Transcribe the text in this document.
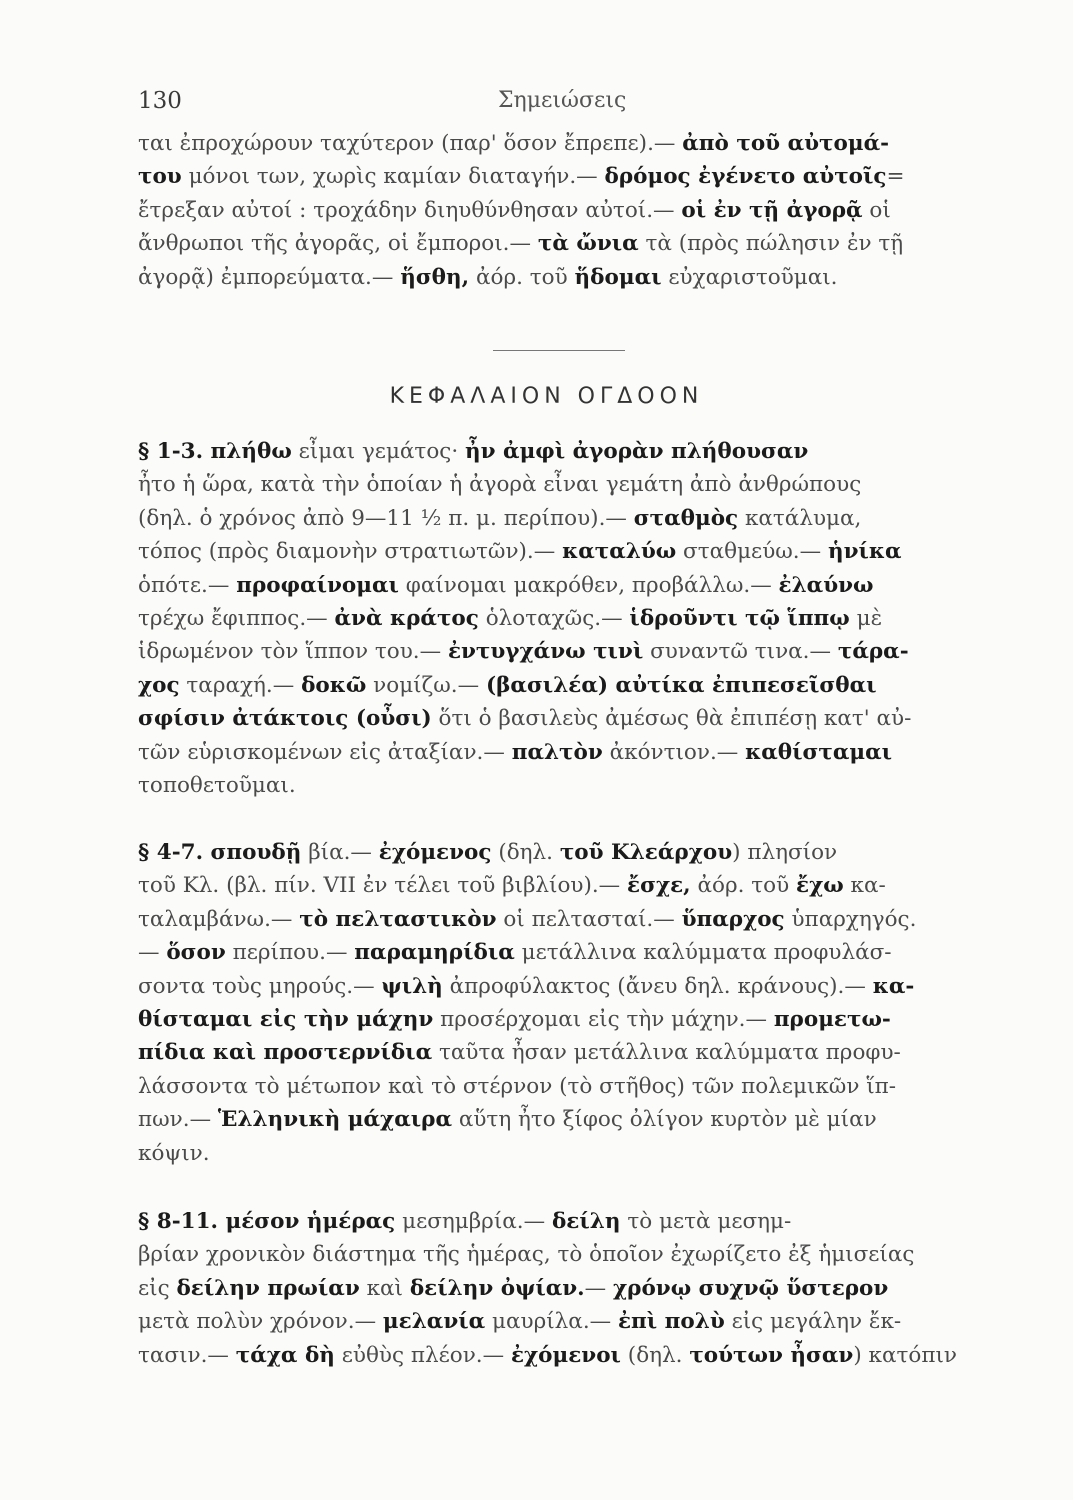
130	Σημειώσεις
ται ἐπροχώρουν ταχύτερον (παρ' ὅσον ἔπρεπε).— ἀπὸ τοῦ αὐτομά-
του μόνοι των, χωρὶς καμίαν διαταγήν.— δρόμος ἐγένετο αὐτοῖς=
ἔτρεξαν αὐτοί : τροχάδην διηυθύνθησαν αὐτοί.— οἱ ἐν τῇ ἀγορᾷ οἱ
ἄνθρωποι τῆς ἀγορᾶς, οἱ ἔμποροι.— τὰ ὤνια τὰ (πρὸς πώλησιν ἐν τῇ
ἀγορᾷ) ἐμπορεύματα.— ἥσθη, ἀόρ. τοῦ ἥδομαι εὐχαριστοῦμαι.
ΚΕΦΑΛΑΙΟΝ ΟΓΔΟΟΝ
§ 1-3. πλήθω εἶμαι γεμάτος· ἦν ἀμφὶ ἀγορὰν πλήθουσαν
ἦτο ἡ ὥρα, κατὰ τὴν ὁποίαν ἡ ἀγορὰ εἶναι γεμάτη ἀπὸ ἀνθρώπους
(δηλ. ὁ χρόνος ἀπὸ 9—11 ½ π. μ. περίπου).— σταθμὸς κατάλυμα,
τόπος (πρὸς διαμονὴν στρατιωτῶν).— καταλύω σταθμεύω.— ἡνίκα
ὁπότε.— προφαίνομαι φαίνομαι μακρόθεν, προβάλλω.— ἐλαύνω
τρέχω ἔφιππος.— ἀνὰ κράτος ὁλοταχῶς.— ἱδροῦντι τῷ ἵππῳ μὲ
ἱδρωμένον τὸν ἵππον του.— ἐντυγχάνω τινὶ συναντῶ τινα.— τάρα-
χος ταραχή.— δοκῶ νομίζω.— (βασιλέα) αὐτίκα ἐπιπεσεῖσθαι
σφίσιν ἀτάκτοις (οὖσι) ὅτι ὁ βασιλεὺς ἀμέσως θὰ ἐπιπέσῃ κατ' αὐ-
τῶν εὑρισκομένων εἰς ἀταξίαν.— παλτὸν ἀκόντιον.— καθίσταμαι
τοποθετοῦμαι.
§ 4-7. σπουδῇ βία.— ἐχόμενος (δηλ. τοῦ Κλεάρχου) πλησίον
τοῦ Κλ. (βλ. πίν. VII ἐν τέλει τοῦ βιβλίου).— ἔσχε, ἀόρ. τοῦ ἔχω κα-
ταλαμβάνω.— τὸ πελταστικὸν οἱ πελτασταί.— ὕπαρχος ὑπαρχηγός.
— ὅσον περίπου.— παραμηρίδια μετάλλινα καλύμματα προφυλάσ-
σοντα τοὺς μηρούς.— ψιλὴ ἀπροφύλακτος (ἄνευ δηλ. κράνους).— κα-
θίσταμαι εἰς τὴν μάχην προσέρχομαι εἰς τὴν μάχην.— προμετω-
πίδια καὶ προστερνίδια ταῦτα ἦσαν μετάλλινα καλύμματα προφυ-
λάσσοντα τὸ μέτωπον καὶ τὸ στέρνον (τὸ στῆθος) τῶν πολεμικῶν ἵπ-
πων.— Ἑλληνικὴ μάχαιρα αὕτη ἦτο ξίφος ὀλίγον κυρτὸν μὲ μίαν
κόψιν.
§ 8-11. μέσον ἡμέρας μεσημβρία.— δείλη τὸ μετὰ μεσημ-
βρίαν χρονικὸν διάστημα τῆς ἡμέρας, τὸ ὁποῖον ἐχωρίζετο ἐξ ἡμισείας
εἰς δείλην πρωίαν καὶ δείλην ὀψίαν.— χρόνῳ συχνῷ ὕστερον
μετὰ πολὺν χρόνον.— μελανία μαυρίλα.— ἐπὶ πολὺ εἰς μεγάλην ἔκ-
τασιν.— τάχα δὴ εὐθὺς πλέον.— ἐχόμενοι (δηλ. τούτων ἦσαν) κατόπιν
